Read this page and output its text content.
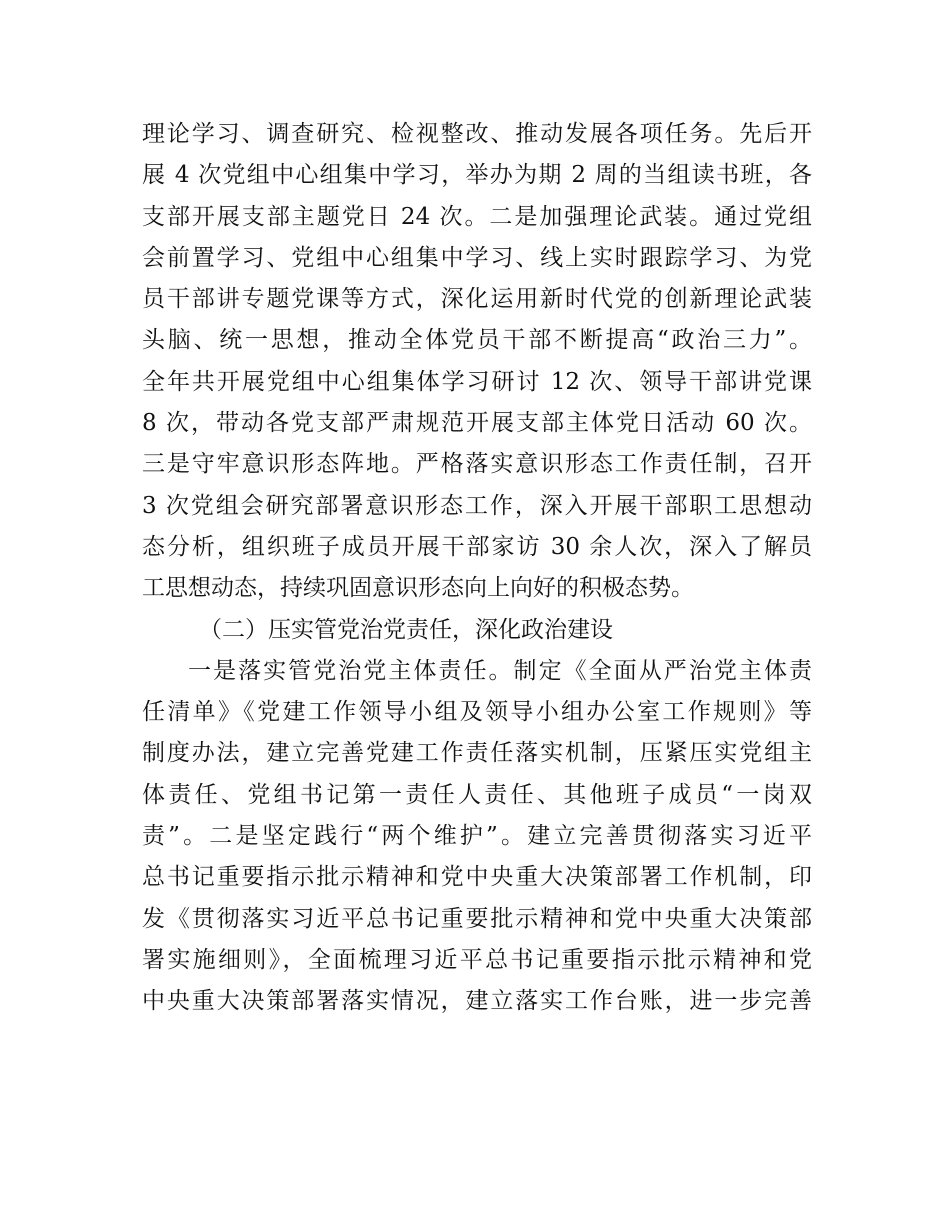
理论学习、调查研究、检视整改、推动发展各项任务。先后开
展 4 次党组中心组集中学习，举办为期 2 周的当组读书班，各
支部开展支部主题党日 24 次。二是加强理论武装。通过党组
会前置学习、党组中心组集中学习、线上实时跟踪学习、为党
员干部讲专题党课等方式，深化运用新时代党的创新理论武装
头脑、统一思想，推动全体党员干部不断提高“政治三力”。
全年共开展党组中心组集体学习研讨 12 次、领导干部讲党课
8 次，带动各党支部严肃规范开展支部主体党日活动 60 次。
三是守牢意识形态阵地。严格落实意识形态工作责任制，召开
3 次党组会研究部署意识形态工作，深入开展干部职工思想动
态分析，组织班子成员开展干部家访 30 余人次，深入了解员
工思想动态，持续巩固意识形态向上向好的积极态势。
（二）压实管党治党责任，深化政治建设
一是落实管党治党主体责任。制定《全面从严治党主体责
任清单》《党建工作领导小组及领导小组办公室工作规则》等
制度办法，建立完善党建工作责任落实机制，压紧压实党组主
体责任、党组书记第一责任人责任、其他班子成员“一岗双
责”。二是坚定践行“两个维护”。建立完善贯彻落实习近平
总书记重要指示批示精神和党中央重大决策部署工作机制，印
发《贯彻落实习近平总书记重要批示精神和党中央重大决策部
署实施细则》，全面梳理习近平总书记重要指示批示精神和党
中央重大决策部署落实情况，建立落实工作台账，进一步完善
